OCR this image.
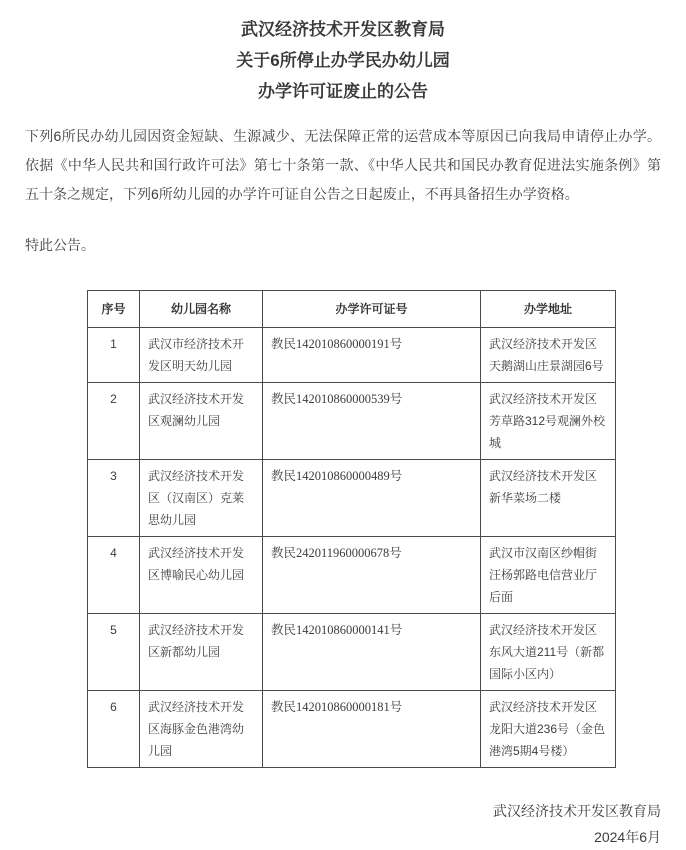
武汉经济技术开发区教育局
关于6所停止办学民办幼儿园
办学许可证废止的公告

下列6所民办幼儿园因资金短缺、生源减少、无法保障正常的运营成本等原因已向我局申请停止办学。依据《中华人民共和国行政许可法》第七十条第一款、《中华人民共和国民办教育促进法实施条例》第五十条之规定，下列6所幼儿园的办学许可证自公告之日起废止，不再具备招生办学资格。

特此公告。

序号	幼儿园名称	办学许可证号	办学地址
1	武汉市经济技术开发区明天幼儿园	教民142010860000191号	武汉经济技术开发区天鹅湖山庄景湖园6号
2	武汉经济技术开发区观澜幼儿园	教民142010860000539号	武汉经济技术开发区芳草路312号观澜外校城
3	武汉经济技术开发区（汉南区）克莱思幼儿园	教民142010860000489号	武汉经济技术开发区新华菜场二楼
4	武汉经济技术开发区博喻民心幼儿园	教民242011960000678号	武汉市汉南区纱帽街汪杨郭路电信营业厅后面
5	武汉经济技术开发区新都幼儿园	教民142010860000141号	武汉经济技术开发区东风大道211号（新都国际小区内）
6	武汉经济技术开发区海豚金色港湾幼儿园	教民142010860000181号	武汉经济技术开发区龙阳大道236号（金色港湾5期4号楼）
武汉经济技术开发区教育局
2024年6月
